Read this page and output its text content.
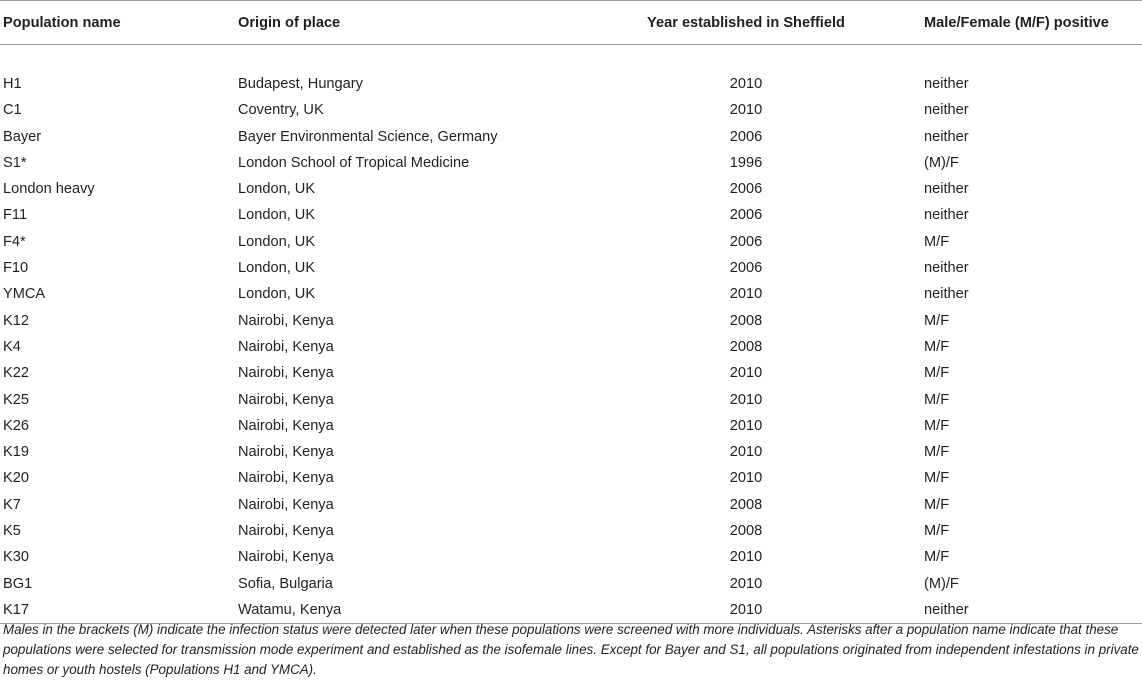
Population name	Origin of place	Year established in Sheffield	Male/Female (M/F) positive

H1	Budapest, Hungary	2010	neither
C1	Coventry, UK	2010	neither
Bayer	Bayer Environmental Science, Germany	2006	neither
S1*	London School of Tropical Medicine	1996	(M)/F
London heavy	London, UK	2006	neither
F11	London, UK	2006	neither
F4*	London, UK	2006	M/F
F10	London, UK	2006	neither
YMCA	London, UK	2010	neither
K12	Nairobi, Kenya	2008	M/F
K4	Nairobi, Kenya	2008	M/F
K22	Nairobi, Kenya	2010	M/F
K25	Nairobi, Kenya	2010	M/F
K26	Nairobi, Kenya	2010	M/F
K19	Nairobi, Kenya	2010	M/F
K20	Nairobi, Kenya	2010	M/F
K7	Nairobi, Kenya	2008	M/F
K5	Nairobi, Kenya	2008	M/F
K30	Nairobi, Kenya	2010	M/F
BG1	Sofia, Bulgaria	2010	(M)/F
K17	Watamu, Kenya	2010	neither
Males in the brackets (M) indicate the infection status were detected later when these populations were screened with more individuals. Asterisks after a population name indicate that these populations were selected for transmission mode experiment and established as the isofemale lines. Except for Bayer and S1, all populations originated from independent infestations in private homes or youth hostels (Populations H1 and YMCA).
